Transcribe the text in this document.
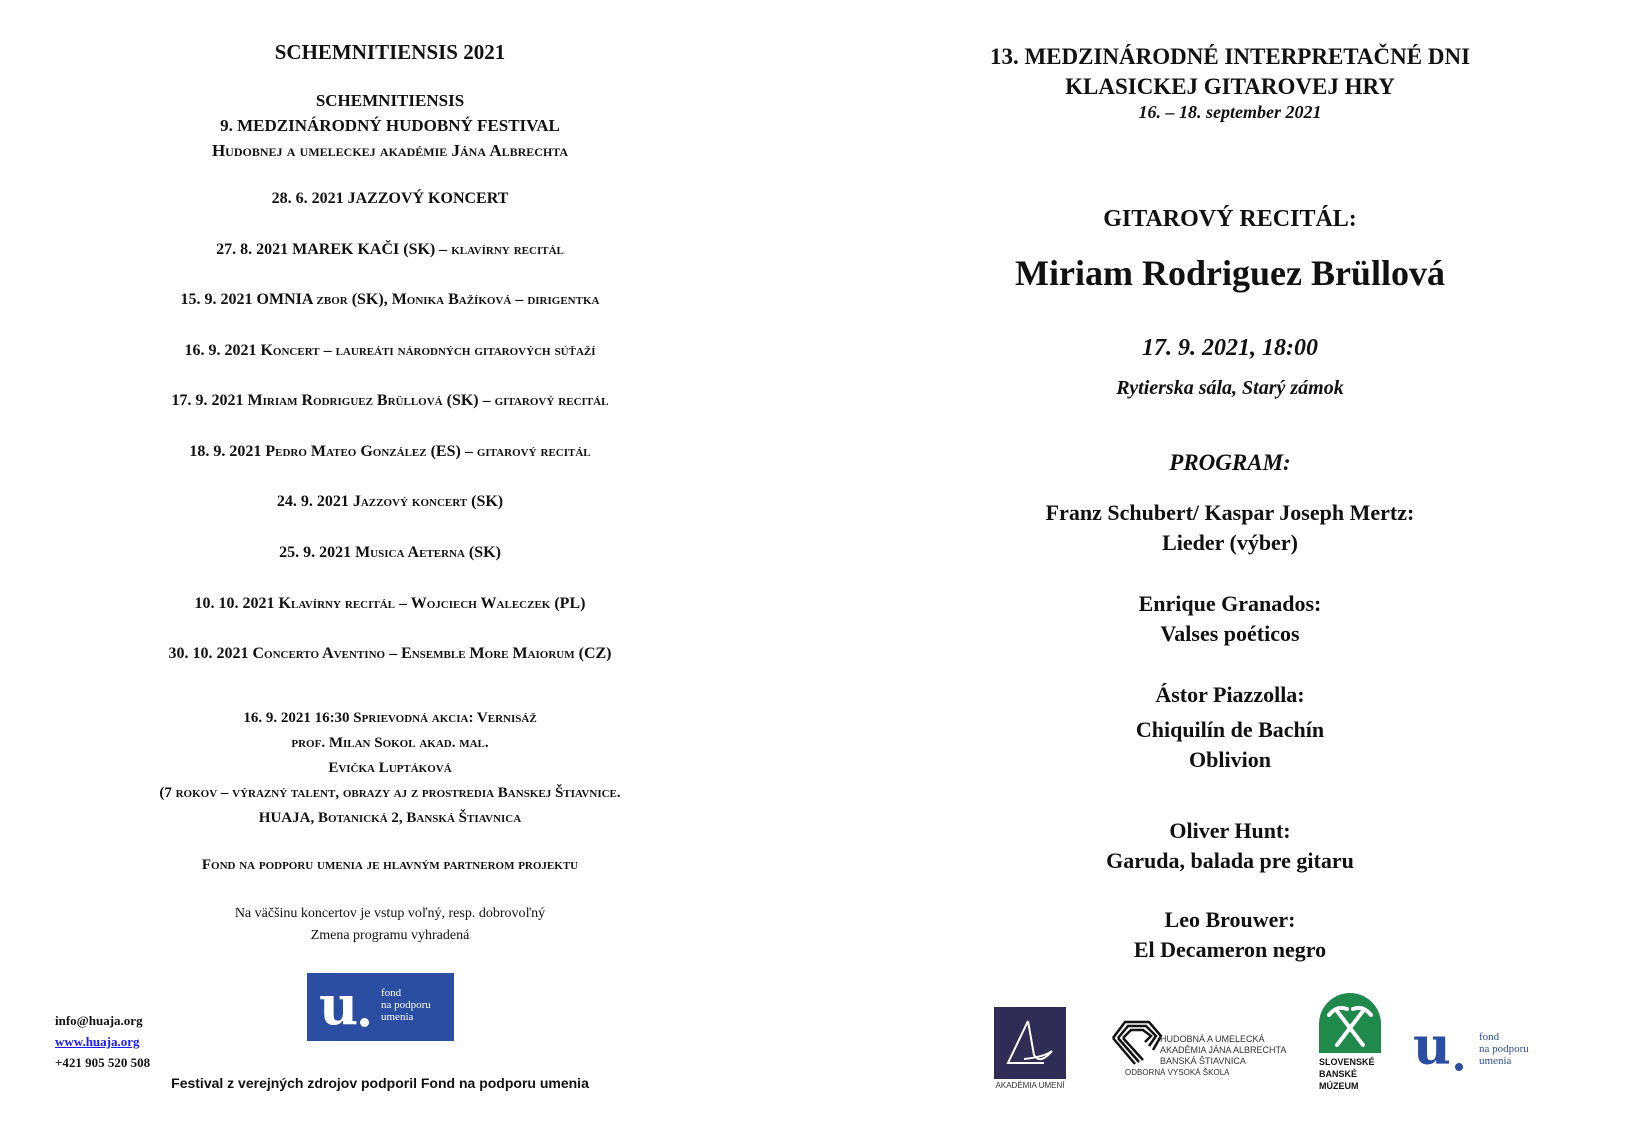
SCHEMNITIENSIS 2021
SCHEMNITIENSIS
9. MEDZINÁRODNÝ HUDOBNÝ FESTIVAL
Hudobnej a umeleckej akadémie Jána Albrechta
28. 6. 2021 JAZZOVÝ KONCERT
27. 8. 2021 MAREK KAČI (SK) – klavírny recitál
15. 9. 2021 OMNIA zbor (SK), Monika Bažíková – dirigentka
16. 9. 2021 Koncert – laureáti národných gitarových súťaží
17. 9. 2021 Miriam Rodriguez Brüllová (SK) – gitarový recitál
18. 9. 2021 Pedro Mateo González (ES) – gitarový recitál
24. 9. 2021 Jazzový koncert (SK)
25. 9. 2021 Musica Aeterna (SK)
10. 10. 2021 Klavírny recitál – Wojciech Waleczek (PL)
30. 10. 2021 Concerto Aventino – Ensemble More Maiorum (CZ)
16. 9. 2021 16:30 Sprievodná akcia: Vernisáž
prof. Milan Sokol akad. mal.
Evička Luptáková
(7 rokov – výrazný talent, obrazy aj z prostredia Banskej Štiavnice.
HUAJA, Botanická 2, Banská Štiavnica
Fond na podporu umenia je hlavným partnerom projektu
Na väčšinu koncertov je vstup voľný, resp. dobrovoľný
Zmena programu vyhradená
u fond
na podporu
umenia
info@huaja.org
www.huaja.org
+421 905 520 508
Festival z verejných zdrojov podporil Fond na podporu umenia
13. MEDZINÁRODNÉ INTERPRETAČNÉ DNI
KLASICKEJ GITAROVEJ HRY
16. – 18. september 2021
GITAROVÝ RECITÁL:
Miriam Rodriguez Brüllová
17. 9. 2021, 18:00
Rytierska sála, Starý zámok
PROGRAM:
Franz Schubert/ Kaspar Joseph Mertz:
Lieder (výber)
Enrique Granados:
Valses poéticos
Ástor Piazzolla:
Chiquilín de Bachín
Oblivion
Oliver Hunt:
Garuda, balada pre gitaru
Leo Brouwer:
El Decameron negro
AKADÉMIA UMENÍ
HUDOBNÁ A UMELECKÁ
AKADÉMIA JÁNA ALBRECHTA
BANSKÁ ŠTIAVNICA
ODBORNÁ VYSOKÁ ŠKOLA
SLOVENSKÉ
BANSKÉ
MÚZEUM
u	fond
na podporu
umenia
